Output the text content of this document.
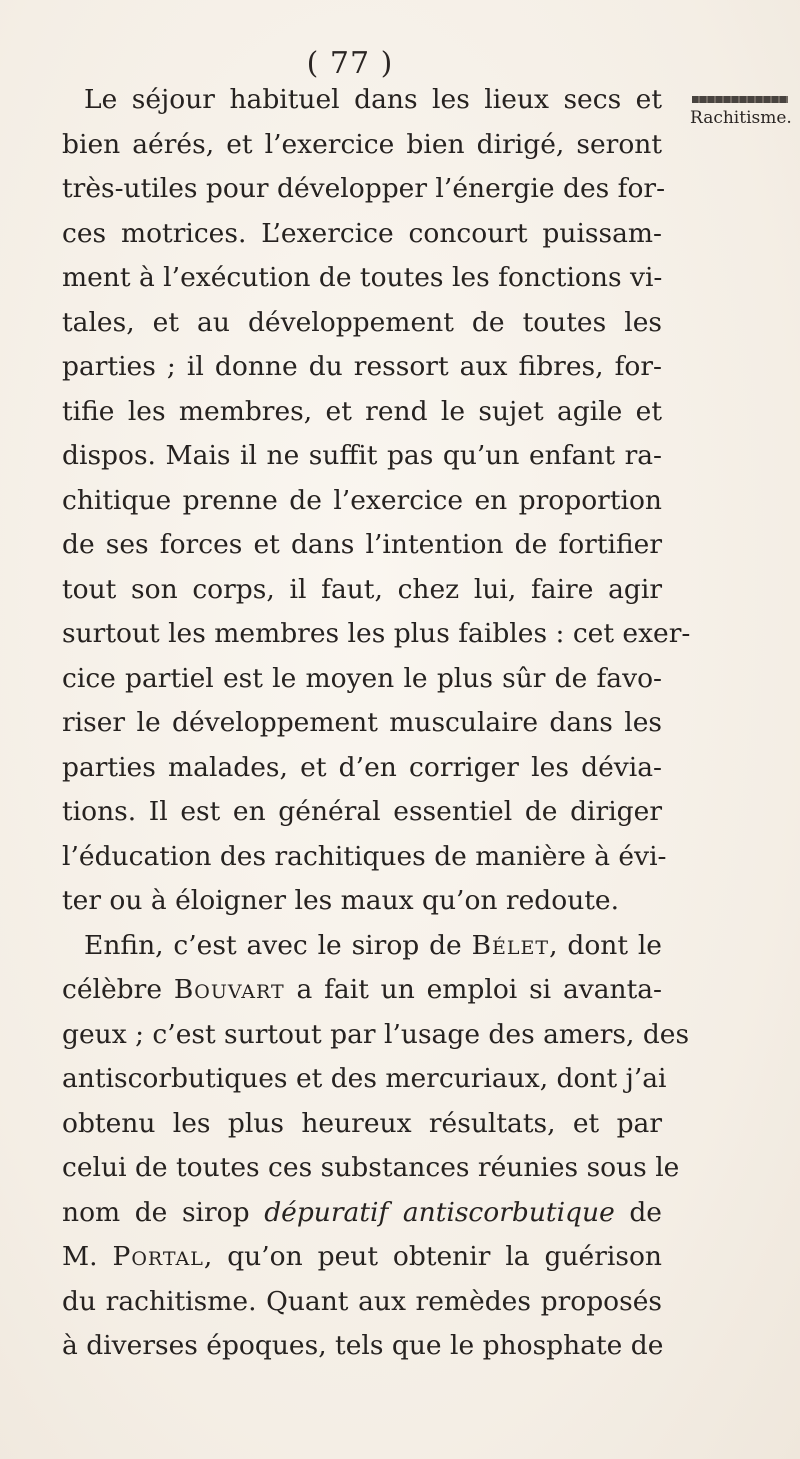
( 77 )
Rachitisme.
Le séjour habituel dans les lieux secs et
bien aérés, et l’exercice bien dirigé, seront
très-utiles pour développer l’énergie des for-
ces motrices. L’exercice concourt puissam-
ment à l’exécution de toutes les fonctions vi-
tales, et au développement de toutes les
parties ; il donne du ressort aux fibres, for-
tifie les membres, et rend le sujet agile et
dispos. Mais il ne suffit pas qu’un enfant ra-
chitique prenne de l’exercice en proportion
de ses forces et dans l’intention de fortifier
tout son corps, il faut, chez lui, faire agir
surtout les membres les plus faibles : cet exer-
cice partiel est le moyen le plus sûr de favo-
riser le développement musculaire dans les
parties malades, et d’en corriger les dévia-
tions. Il est en général essentiel de diriger
l’éducation des rachitiques de manière à évi-
ter ou à éloigner les maux qu’on redoute.
Enfin, c’est avec le sirop de Bélet, dont le
célèbre Bouvart a fait un emploi si avanta-
geux ; c’est surtout par l’usage des amers, des
antiscorbutiques et des mercuriaux, dont j’ai
obtenu les plus heureux résultats, et par
celui de toutes ces substances réunies sous le
nom de sirop dépuratif antiscorbutique de
M. Portal, qu’on peut obtenir la guérison
du rachitisme. Quant aux remèdes proposés
à diverses époques, tels que le phosphate de
